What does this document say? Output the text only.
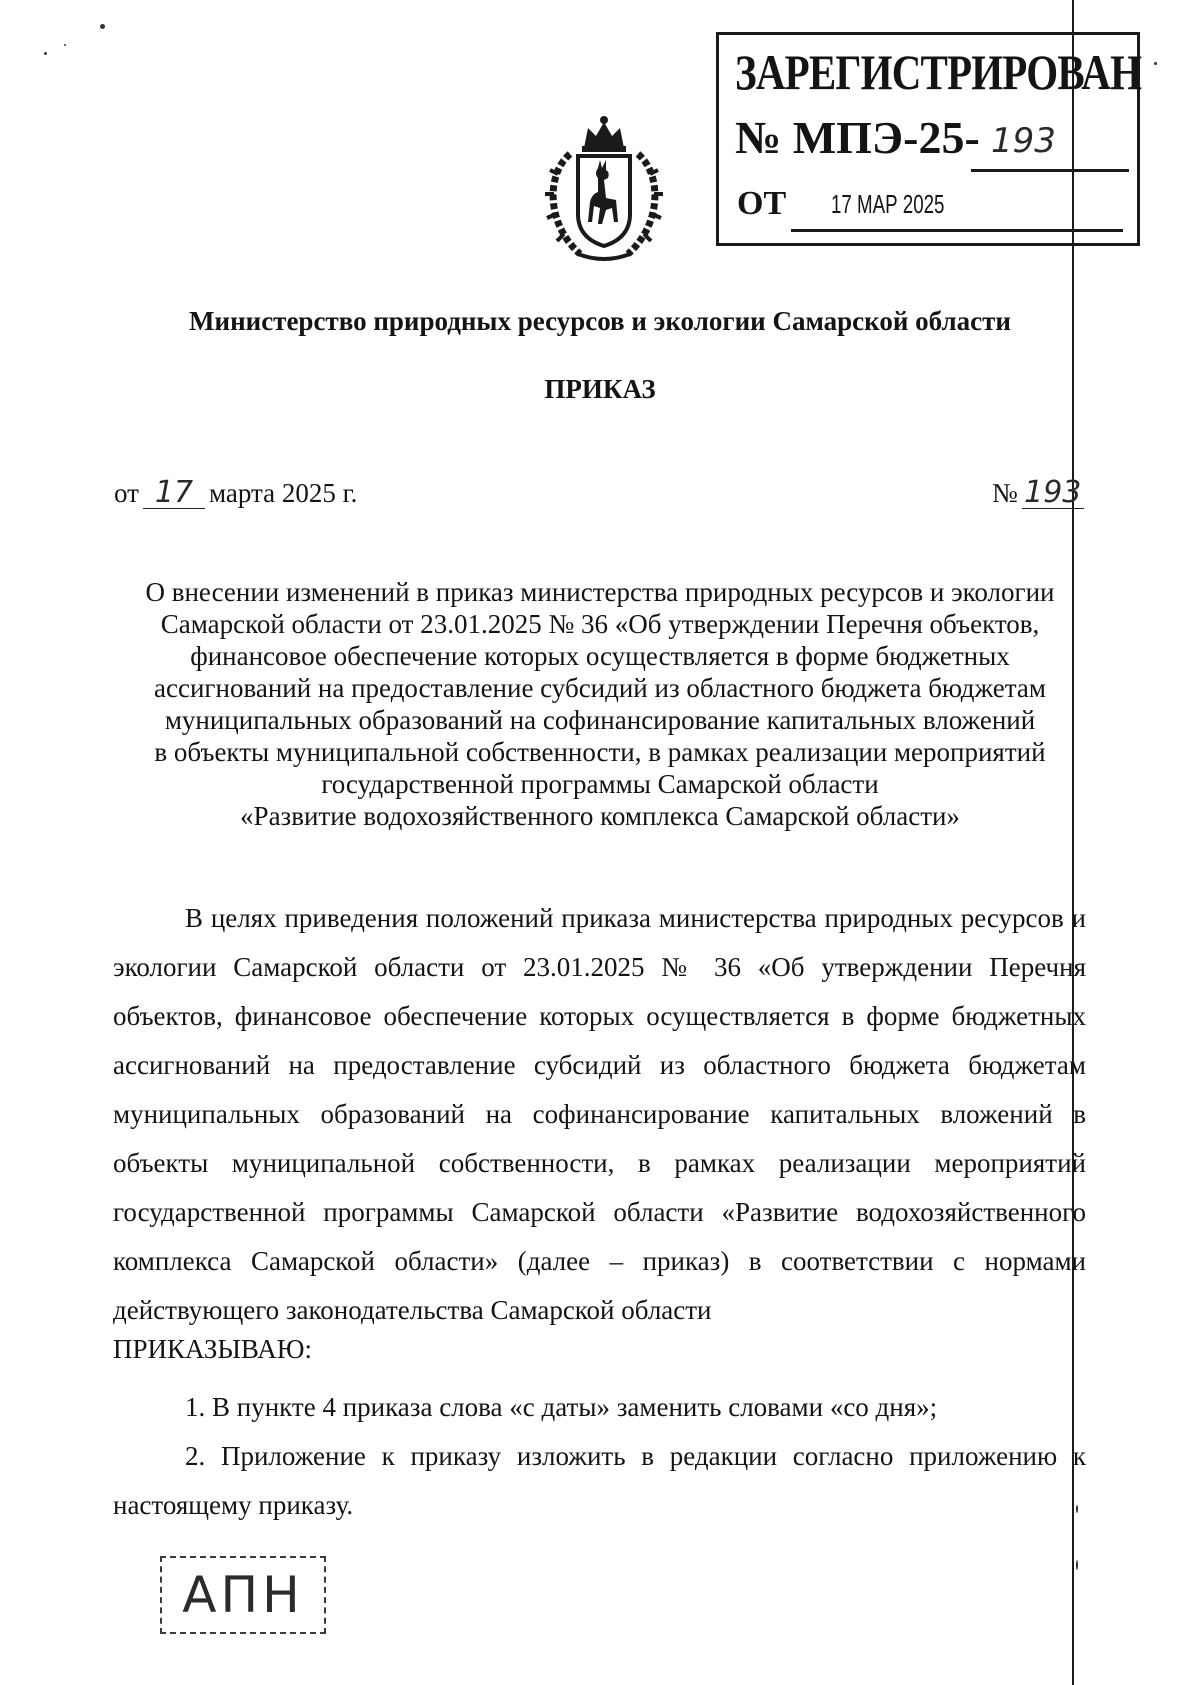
ЗАРЕГИСТРИРОВАН
№ МПЭ-25- 193
ОТ 17 МАР 2025
Министерство природных ресурсов и экологии Самарской области
ПРИКАЗ
от 17 марта 2025 г.	№ 193
О внесении изменений в приказ министерства природных ресурсов и экологии
Самарской области от 23.01.2025 № 36 «Об утверждении Перечня объектов,
финансовое обеспечение которых осуществляется в форме бюджетных
ассигнований на предоставление субсидий из областного бюджета бюджетам
муниципальных образований на софинансирование капитальных вложений
в объекты муниципальной собственности, в рамках реализации мероприятий
государственной программы Самарской области
«Развитие водохозяйственного комплекса Самарской области»

В целях приведения положений приказа министерства природных ресурсов и экологии Самарской области от 23.01.2025 № 36 «Об утверждении Перечня объектов, финансовое обеспечение которых осуществляется в форме бюджетных ассигнований на предоставление субсидий из областного бюджета бюджетам муниципальных образований на софинансирование капитальных вложений в объекты муниципальной собственности, в рамках реализации мероприятий государственной программы Самарской области «Развитие водохозяйственного комплекса Самарской области» (далее – приказ) в соответствии с нормами действующего законодательства Самарской области

ПРИКАЗЫВАЮ:

1. В пункте 4 приказа слова «с даты» заменить словами «со дня»;

2. Приложение к приказу изложить в редакции согласно приложению к настоящему приказу.

АПН
